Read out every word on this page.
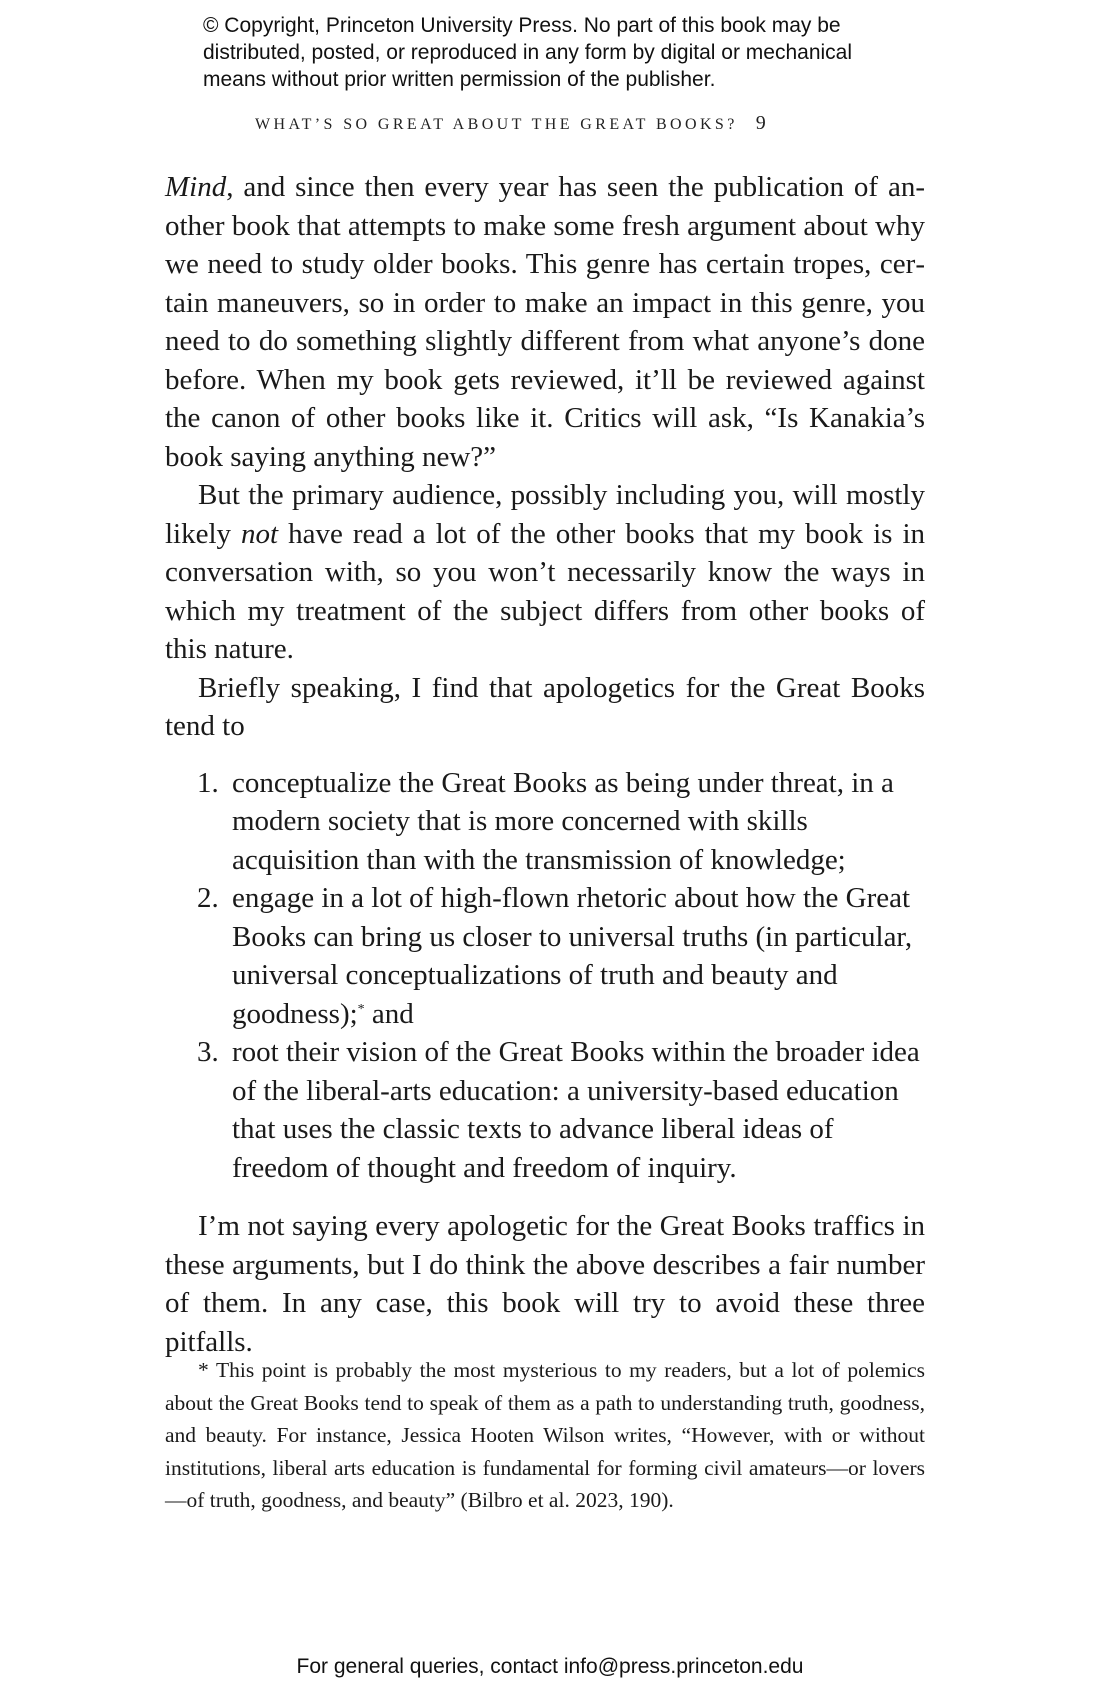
© Copyright, Princeton University Press. No part of this book may be
distributed, posted, or reproduced in any form by digital or mechanical
means without prior written permission of the publisher.
WHAT’S SO GREAT ABOUT THE GREAT BOOKS? 9

Mind, and since then every year has seen the publication of another book that attempts to make some fresh argument about why we need to study older books. This genre has certain tropes, certain maneuvers, so in order to make an impact in this genre, you need to do something slightly different from what anyone’s done before. When my book gets reviewed, it’ll be reviewed against the canon of other books like it. Critics will ask, “Is Kanakia’s book saying anything new?”

But the primary audience, possibly including you, will mostly likely not have read a lot of the other books that my book is in conversation with, so you won’t necessarily know the ways in which my treatment of the subject differs from other books of this nature.

Briefly speaking, I find that apologetics for the Great Books tend to

1. conceptualize the Great Books as being under threat, in a modern society that is more concerned with skills acquisition than with the transmission of knowledge;
2. engage in a lot of high-flown rhetoric about how the Great Books can bring us closer to universal truths (in particular, universal conceptualizations of truth and beauty and goodness);* and
3. root their vision of the Great Books within the broader idea of the liberal-arts education: a university-based education that uses the classic texts to advance liberal ideas of freedom of thought and freedom of inquiry.

I’m not saying every apologetic for the Great Books traffics in these arguments, but I do think the above describes a fair number of them. In any case, this book will try to avoid these three pitfalls.

* This point is probably the most mysterious to my readers, but a lot of polemics about the Great Books tend to speak of them as a path to understanding truth, goodness, and beauty. For instance, Jessica Hooten Wilson writes, “However, with or without institutions, liberal arts education is fundamental for forming civil amateurs—or lovers—of truth, goodness, and beauty” (Bilbro et al. 2023, 190).
For general queries, contact info@press.princeton.edu
